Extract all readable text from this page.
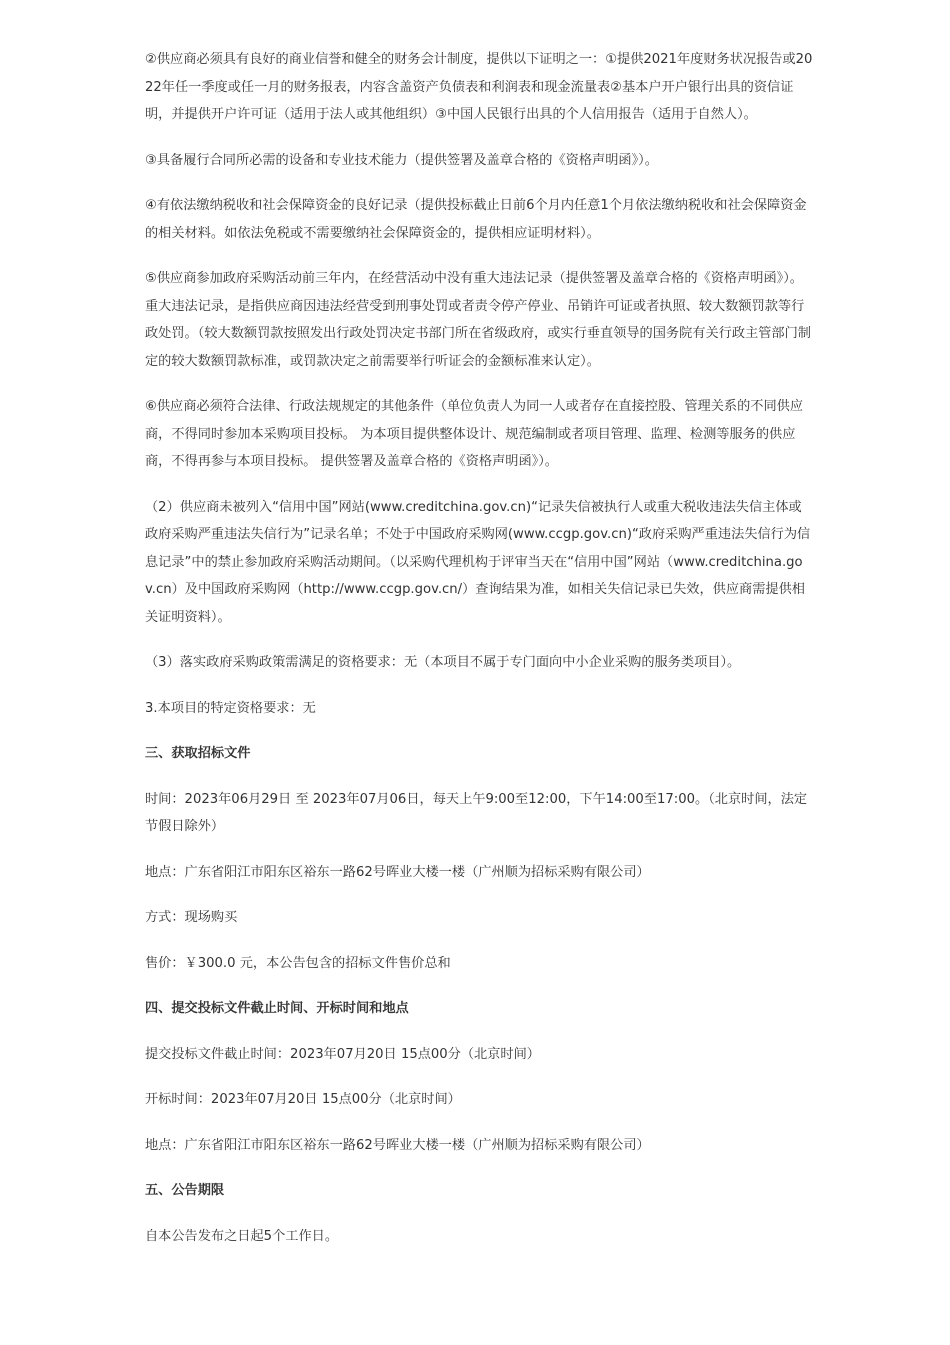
②供应商必须具有良好的商业信誉和健全的财务会计制度，提供以下证明之一：①提供2021年度财务状况报告或2022年任一季度或任一月的财务报表，内容含盖资产负债表和利润表和现金流量表②基本户开户银行出具的资信证明，并提供开户许可证（适用于法人或其他组织）③中国人民银行出具的个人信用报告（适用于自然人）。

③具备履行合同所必需的设备和专业技术能力（提供签署及盖章合格的《资格声明函》）。

④有依法缴纳税收和社会保障资金的良好记录（提供投标截止日前6个月内任意1个月依法缴纳税收和社会保障资金的相关材料。如依法免税或不需要缴纳社会保障资金的，提供相应证明材料）。

⑤供应商参加政府采购活动前三年内，在经营活动中没有重大违法记录（提供签署及盖章合格的《资格声明函》）。重大违法记录，是指供应商因违法经营受到刑事处罚或者责令停产停业、吊销许可证或者执照、较大数额罚款等行政处罚。（较大数额罚款按照发出行政处罚决定书部门所在省级政府，或实行垂直领导的国务院有关行政主管部门制定的较大数额罚款标准，或罚款决定之前需要举行听证会的金额标准来认定）。

⑥供应商必须符合法律、行政法规规定的其他条件（单位负责人为同一人或者存在直接控股、管理关系的不同供应商，不得同时参加本采购项目投标。 为本项目提供整体设计、规范编制或者项目管理、监理、检测等服务的供应商，不得再参与本项目投标。 提供签署及盖章合格的《资格声明函》）。

（2）供应商未被列入“信用中国”网站(www.creditchina.gov.cn)“记录失信被执行人或重大税收违法失信主体或政府采购严重违法失信行为”记录名单；不处于中国政府采购网(www.ccgp.gov.cn)“政府采购严重违法失信行为信息记录”中的禁止参加政府采购活动期间。（以采购代理机构于评审当天在“信用中国”网站（www.creditchina.gov.cn）及中国政府采购网（http://www.ccgp.gov.cn/）查询结果为准，如相关失信记录已失效，供应商需提供相关证明资料）。

（3）落实政府采购政策需满足的资格要求：无（本项目不属于专门面向中小企业采购的服务类项目）。

3.本项目的特定资格要求：无

三、获取招标文件

时间：2023年06月29日 至 2023年07月06日，每天上午9:00至12:00，下午14:00至17:00。（北京时间，法定节假日除外）

地点：广东省阳江市阳东区裕东一路62号晖业大楼一楼（广州顺为招标采购有限公司）

方式：现场购买

售价：￥300.0 元，本公告包含的招标文件售价总和

四、提交投标文件截止时间、开标时间和地点

提交投标文件截止时间：2023年07月20日 15点00分（北京时间）

开标时间：2023年07月20日 15点00分（北京时间）

地点：广东省阳江市阳东区裕东一路62号晖业大楼一楼（广州顺为招标采购有限公司）

五、公告期限

自本公告发布之日起5个工作日。
